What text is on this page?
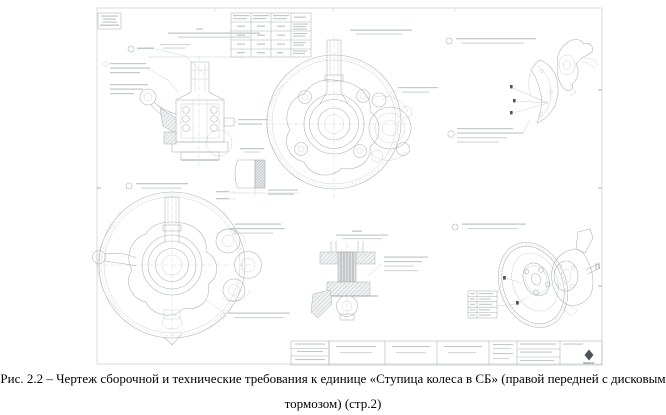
RENAULT
Рис. 2.2 – Чертеж сборочной и технические требования к единице «Ступица колеса в СБ» (правой передней с дисковым
тормозом) (стр.2)
